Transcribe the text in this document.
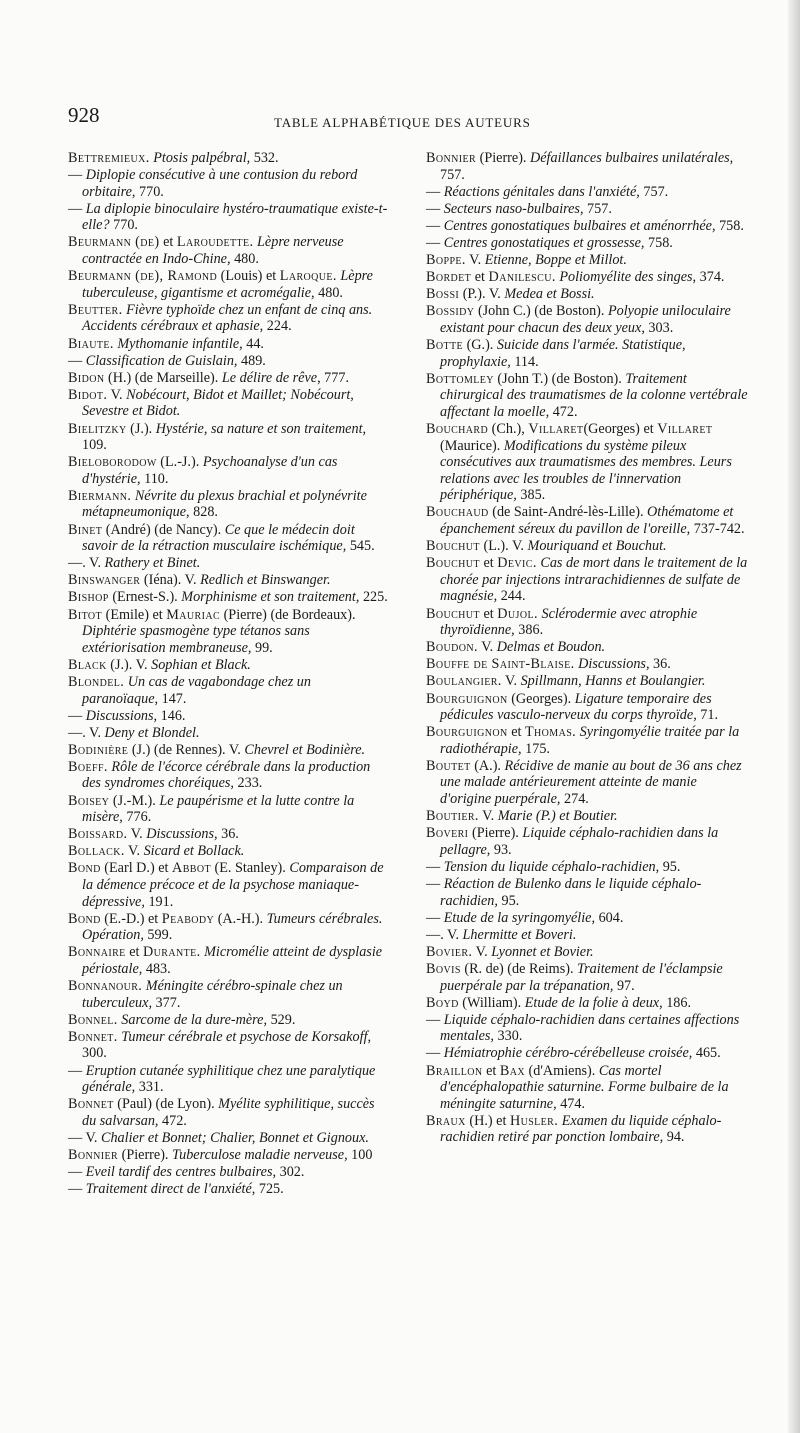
928	TABLE ALPHABÉTIQUE DES AUTEURS

Bettremieux. Ptosis palpébral, 532.

— Diplopie consécutive à une contusion du rebord orbitaire, 770.

— La diplopie binoculaire hystéro-traumatique existe-t-elle? 770.

Beurmann (de) et Laroudette. Lèpre nerveuse contractée en Indo-Chine, 480.

Beurmann (de), Ramond (Louis) et Laroque. Lèpre tuberculeuse, gigantisme et acromégalie, 480.

Beutter. Fièvre typhoïde chez un enfant de cinq ans. Accidents cérébraux et aphasie, 224.

Biaute. Mythomanie infantile, 44.

— Classification de Guislain, 489.

Bidon (H.) (de Marseille). Le délire de rêve, 777.

Bidot. V. Nobécourt, Bidot et Maillet; Nobécourt, Sevestre et Bidot.

Bielitzky (J.). Hystérie, sa nature et son traitement, 109.

Bieloborodow (L.-J.). Psychoanalyse d'un cas d'hystérie, 110.

Biermann. Névrite du plexus brachial et polynévrite métapneumonique, 828.

Binet (André) (de Nancy). Ce que le médecin doit savoir de la rétraction musculaire ischémique, 545.

—. V. Rathery et Binet.

Binswanger (Iéna). V. Redlich et Binswanger.

Bishop (Ernest-S.). Morphinisme et son traitement, 225.

Bitot (Emile) et Mauriac (Pierre) (de Bordeaux). Diphtérie spasmogène type tétanos sans extériorisation membraneuse, 99.

Black (J.). V. Sophian et Black.

Blondel. Un cas de vagabondage chez un paranoïaque, 147.

— Discussions, 146.

—. V. Deny et Blondel.

Bodinière (J.) (de Rennes). V. Chevrel et Bodinière.

Boeff. Rôle de l'écorce cérébrale dans la production des syndromes choréiques, 233.

Boisey (J.-M.). Le paupérisme et la lutte contre la misère, 776.

Boissard. V. Discussions, 36.

Bollack. V. Sicard et Bollack.

Bond (Earl D.) et Abbot (E. Stanley). Comparaison de la démence précoce et de la psychose maniaque-dépressive, 191.

Bond (E.-D.) et Peabody (A.-H.). Tumeurs cérébrales. Opération, 599.

Bonnaire et Durante. Micromélie atteint de dysplasie périostale, 483.

Bonnanour. Méningite cérébro-spinale chez un tuberculeux, 377.

Bonnel. Sarcome de la dure-mère, 529.

Bonnet. Tumeur cérébrale et psychose de Korsakoff, 300.

— Eruption cutanée syphilitique chez une paralytique générale, 331.

Bonnet (Paul) (de Lyon). Myélite syphilitique, succès du salvarsan, 472.

— V. Chalier et Bonnet; Chalier, Bonnet et Gignoux.

Bonnier (Pierre). Tuberculose maladie nerveuse, 100

— Eveil tardif des centres bulbaires, 302.

— Traitement direct de l'anxiété, 725.

Bonnier (Pierre). Défaillances bulbaires unilatérales, 757.

— Réactions génitales dans l'anxiété, 757.

— Secteurs naso-bulbaires, 757.

— Centres gonostatiques bulbaires et aménorrhée, 758.

— Centres gonostatiques et grossesse, 758.

Boppe. V. Etienne, Boppe et Millot.

Bordet et Danilescu. Poliomyélite des singes, 374.

Bossi (P.). V. Medea et Bossi.

Bossidy (John C.) (de Boston). Polyopie uniloculaire existant pour chacun des deux yeux, 303.

Botte (G.). Suicide dans l'armée. Statistique, prophylaxie, 114.

Bottomley (John T.) (de Boston). Traitement chirurgical des traumatismes de la colonne vertébrale affectant la moelle, 472.

Bouchard (Ch.), Villaret(Georges) et Villaret (Maurice). Modifications du système pileux consécutives aux traumatismes des membres. Leurs relations avec les troubles de l'innervation périphérique, 385.

Bouchaud (de Saint-André-lès-Lille). Othématome et épanchement séreux du pavillon de l'oreille, 737-742.

Bouchut (L.). V. Mouriquand et Bouchut.

Bouchut et Devic. Cas de mort dans le traitement de la chorée par injections intrarachidiennes de sulfate de magnésie, 244.

Bouchut et Dujol. Sclérodermie avec atrophie thyroïdienne, 386.

Boudon. V. Delmas et Boudon.

Bouffe de Saint-Blaise. Discussions, 36.

Boulangier. V. Spillmann, Hanns et Boulangier.

Bourguignon (Georges). Ligature temporaire des pédicules vasculo-nerveux du corps thyroïde, 71.

Bourguignon et Thomas. Syringomyélie traitée par la radiothérapie, 175.

Boutet (A.). Récidive de manie au bout de 36 ans chez une malade antérieurement atteinte de manie d'origine puerpérale, 274.

Boutier. V. Marie (P.) et Boutier.

Boveri (Pierre). Liquide céphalo-rachidien dans la pellagre, 93.

— Tension du liquide céphalo-rachidien, 95.

— Réaction de Bulenko dans le liquide céphalo-rachidien, 95.

— Etude de la syringomyélie, 604.

—. V. Lhermitte et Boveri.

Bovier. V. Lyonnet et Bovier.

Bovis (R. de) (de Reims). Traitement de l'éclampsie puerpérale par la trépanation, 97.

Boyd (William). Etude de la folie à deux, 186.

— Liquide céphalo-rachidien dans certaines affections mentales, 330.

— Hémiatrophie cérébro-cérébelleuse croisée, 465.

Braillon et Bax (d'Amiens). Cas mortel d'encéphalopathie saturnine. Forme bulbaire de la méningite saturnine, 474.

Braux (H.) et Husler. Examen du liquide céphalo-rachidien retiré par ponction lombaire, 94.
